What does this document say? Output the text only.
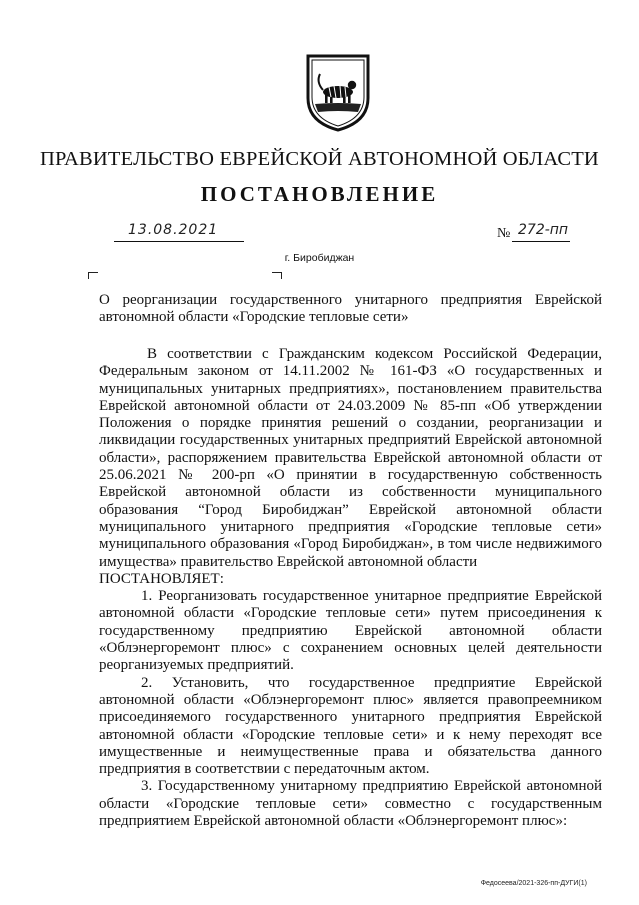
ПРАВИТЕЛЬСТВО ЕВРЕЙСКОЙ АВТОНОМНОЙ ОБЛАСТИ
ПОСТАНОВЛЕНИЕ
13.08.2021	№ 272-пп
г. Биробиджан
О реорганизации государственного унитарного предприятия Еврейской автономной области «Городские тепловые сети»

В соответствии с Гражданским кодексом Российской Федерации, Федеральным законом от 14.11.2002 № 161-ФЗ «О государственных и муниципальных унитарных предприятиях», постановлением правительства Еврейской автономной области от 24.03.2009 № 85-пп «Об утверждении Положения о порядке принятия решений о создании, реорганизации и ликвидации государственных унитарных предприятий Еврейской автономной области», распоряжением правительства Еврейской автономной области от 25.06.2021 № 200-рп «О принятии в государственную собственность Еврейской автономной области из собственности муниципального образования “Город Биробиджан” Еврейской автономной области муниципального унитарного предприятия «Городские тепловые сети» муниципального образования «Город Биробиджан», в том числе недвижимого имущества» правительство Еврейской автономной области

ПОСТАНОВЛЯЕТ:

1. Реорганизовать государственное унитарное предприятие Еврейской автономной области «Городские тепловые сети» путем присоединения к государственному предприятию Еврейской автономной области «Облэнергоремонт плюс» с сохранением основных целей деятельности реорганизуемых предприятий.

2. Установить, что государственное предприятие Еврейской автономной области «Облэнергоремонт плюс» является правопреемником присоединяемого государственного унитарного предприятия Еврейской автономной области «Городские тепловые сети» и к нему переходят все имущественные и неимущественные права и обязательства данного предприятия в соответствии с передаточным актом.

3. Государственному унитарному предприятию Еврейской автономной области «Городские тепловые сети» совместно с государственным предприятием Еврейской автономной области «Облэнергоремонт плюс»:

Федосеева/2021-326-пп-ДУГИ(1)
